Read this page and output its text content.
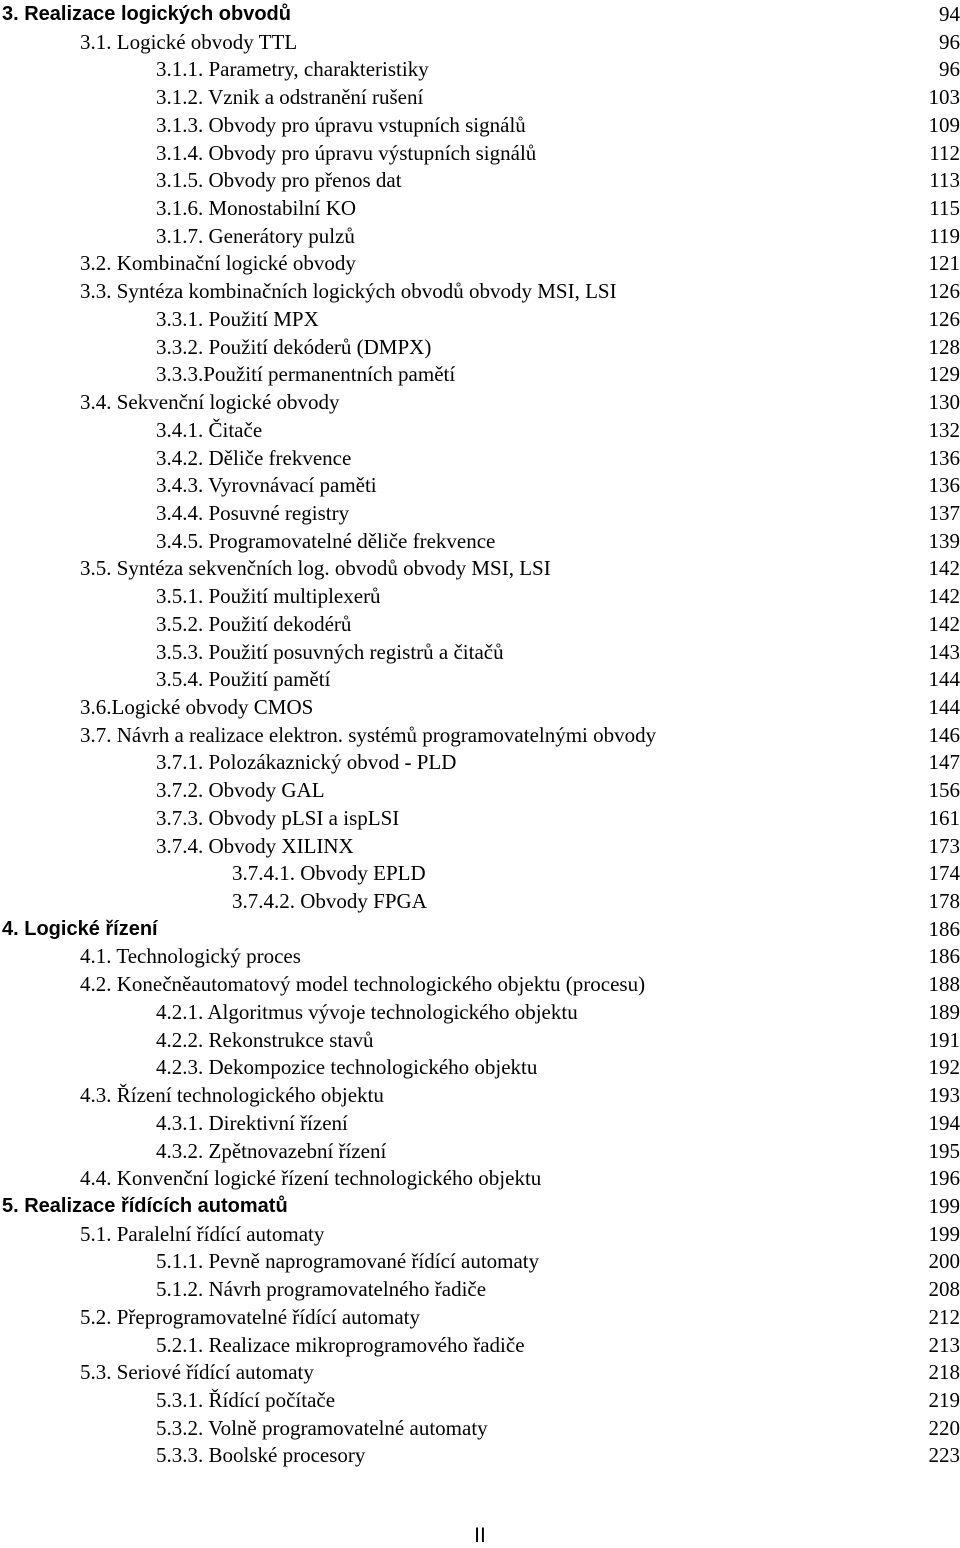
3. Realizace logických obvodů	94
3.1. Logické obvody TTL	96
3.1.1. Parametry, charakteristiky	96
3.1.2. Vznik a odstranění rušení	103
3.1.3. Obvody pro úpravu vstupních signálů	109
3.1.4. Obvody pro úpravu výstupních signálů	112
3.1.5. Obvody pro přenos dat	113
3.1.6. Monostabilní KO	115
3.1.7. Generátory pulzů	119
3.2. Kombinační logické obvody	121
3.3. Syntéza kombinačních logických obvodů obvody MSI, LSI	126
3.3.1. Použití MPX	126
3.3.2. Použití dekóderů (DMPX)	128
3.3.3.Použití permanentních pamětí	129
3.4. Sekvenční logické obvody	130
3.4.1. Čitače	132
3.4.2. Děliče frekvence	136
3.4.3. Vyrovnávací paměti	136
3.4.4. Posuvné registry	137
3.4.5. Programovatelné děliče frekvence	139
3.5. Syntéza sekvenčních log. obvodů obvody MSI, LSI	142
3.5.1. Použití multiplexerů	142
3.5.2. Použití dekodérů	142
3.5.3. Použití posuvných registrů a čitačů	143
3.5.4. Použití pamětí	144
3.6.Logické obvody CMOS	144
3.7. Návrh a realizace elektron. systémů programovatelnými obvody	146
3.7.1. Polozákaznický obvod - PLD	147
3.7.2. Obvody GAL	156
3.7.3. Obvody pLSI a ispLSI	161
3.7.4. Obvody XILINX	173
3.7.4.1. Obvody EPLD	174
3.7.4.2. Obvody FPGA	178
4. Logické řízení	186
4.1. Technologický proces	186
4.2. Konečněautomatový model technologického objektu (procesu)	188
4.2.1. Algoritmus vývoje technologického objektu	189
4.2.2. Rekonstrukce stavů	191
4.2.3. Dekompozice technologického objektu	192
4.3. Řízení technologického objektu	193
4.3.1. Direktivní řízení	194
4.3.2. Zpětnovazební řízení	195
4.4. Konvenční logické řízení technologického objektu	196
5. Realizace řídících automatů	199
5.1. Paralelní řídící automaty	199
5.1.1. Pevně naprogramované řídící automaty	200
5.1.2. Návrh programovatelného řadiče	208
5.2. Přeprogramovatelné řídící automaty	212
5.2.1. Realizace mikroprogramového řadiče	213
5.3. Seriové řídící automaty	218
5.3.1. Řídící počítače	219
5.3.2. Volně programovatelné automaty	220
5.3.3. Boolské procesory	223
II
